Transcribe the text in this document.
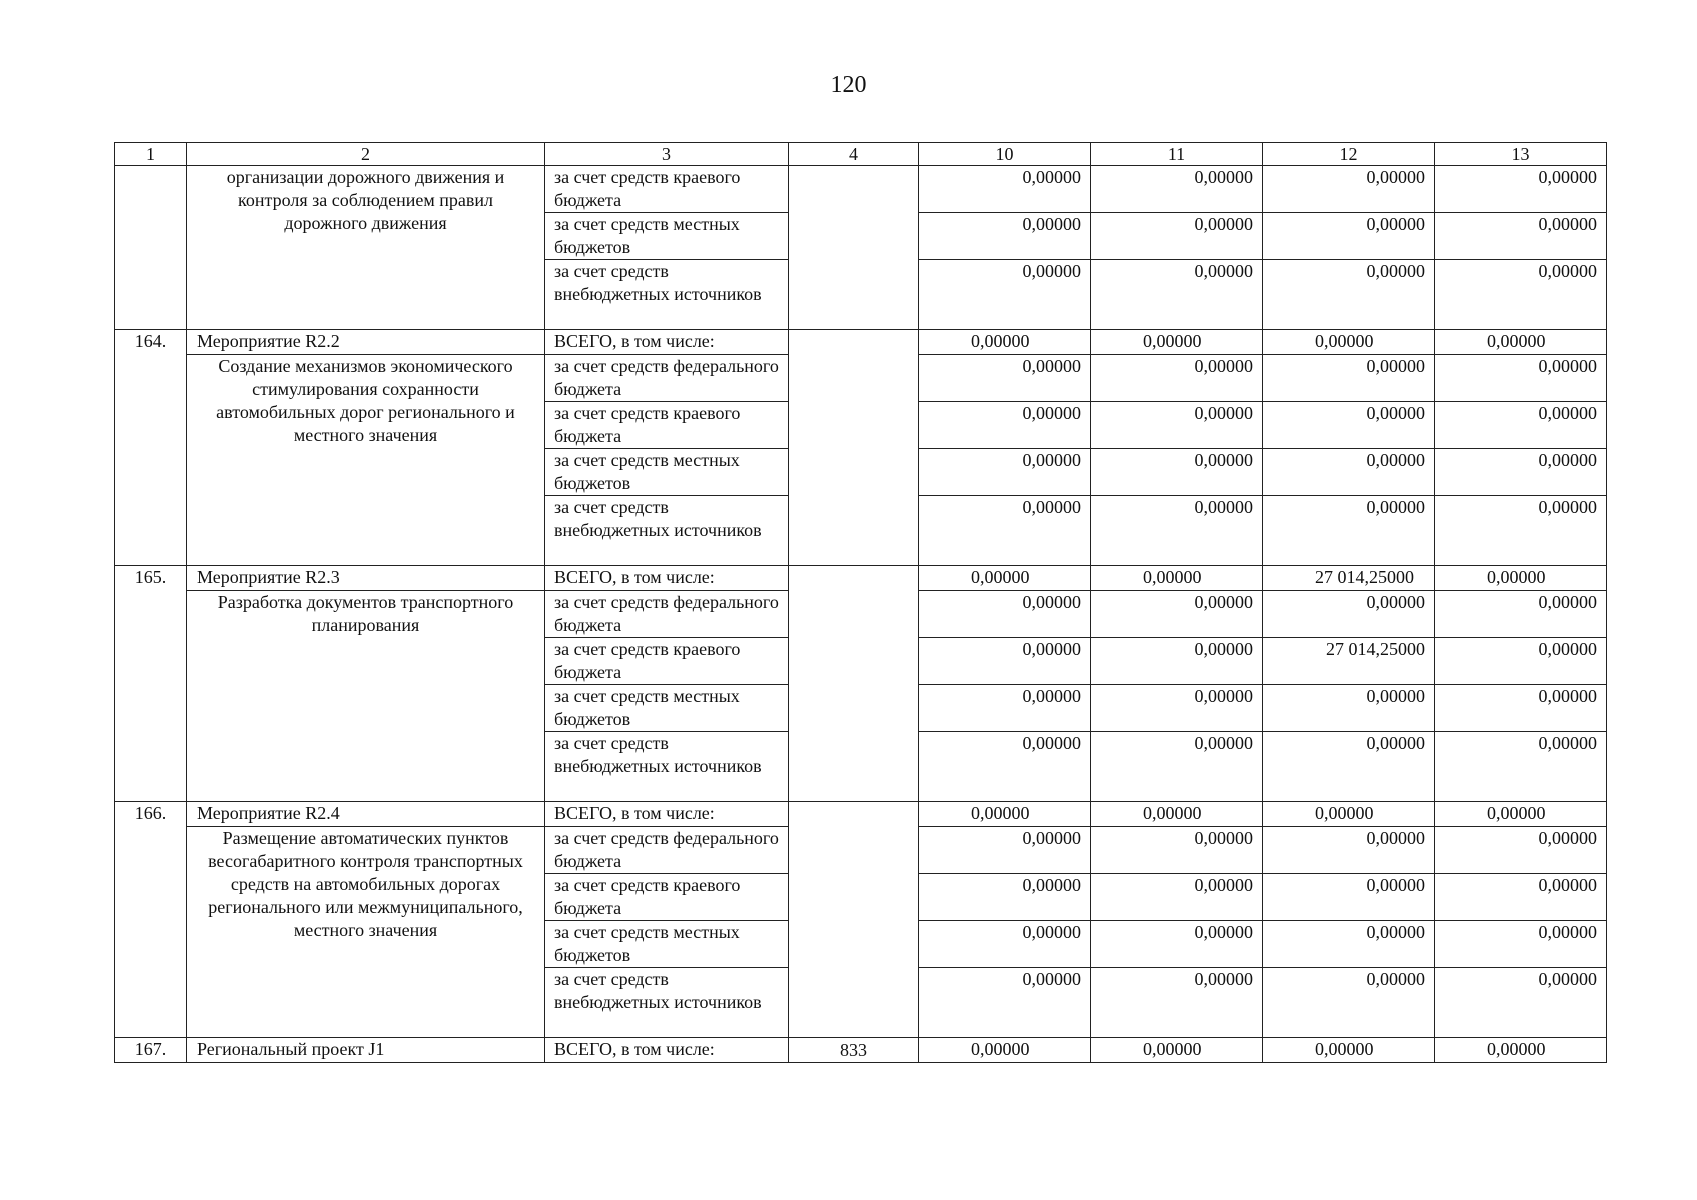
120
1	2	3	4	10	11	12	13
	организации дорожного движения и контроля за соблюдением правил дорожного движения	за счет средств краевого бюджета		0,00000	0,00000	0,00000	0,00000
		за счет средств местных бюджетов		0,00000	0,00000	0,00000	0,00000
		за счет средств внебюджетных источников		0,00000	0,00000	0,00000	0,00000
164.	Мероприятие R2.2	ВСЕГО, в том числе:		0,00000	0,00000	0,00000	0,00000
	Создание механизмов экономического стимулирования сохранности автомобильных дорог регионального и местного значения	за счет средств федерального бюджета		0,00000	0,00000	0,00000	0,00000
		за счет средств краевого бюджета		0,00000	0,00000	0,00000	0,00000
		за счет средств местных бюджетов		0,00000	0,00000	0,00000	0,00000
		за счет средств внебюджетных источников		0,00000	0,00000	0,00000	0,00000
165.	Мероприятие R2.3	ВСЕГО, в том числе:		0,00000	0,00000	27 014,25000	0,00000
	Разработка документов транспортного планирования	за счет средств федерального бюджета		0,00000	0,00000	0,00000	0,00000
		за счет средств краевого бюджета		0,00000	0,00000	27 014,25000	0,00000
		за счет средств местных бюджетов		0,00000	0,00000	0,00000	0,00000
		за счет средств внебюджетных источников		0,00000	0,00000	0,00000	0,00000
166.	Мероприятие R2.4	ВСЕГО, в том числе:		0,00000	0,00000	0,00000	0,00000
	Размещение автоматических пунктов весогабаритного контроля транспортных средств на автомобильных дорогах регионального или межмуниципального, местного значения	за счет средств федерального бюджета		0,00000	0,00000	0,00000	0,00000
		за счет средств краевого бюджета		0,00000	0,00000	0,00000	0,00000
		за счет средств местных бюджетов		0,00000	0,00000	0,00000	0,00000
		за счет средств внебюджетных источников		0,00000	0,00000	0,00000	0,00000
167.	Региональный проект J1	ВСЕГО, в том числе:	833	0,00000	0,00000	0,00000	0,00000
